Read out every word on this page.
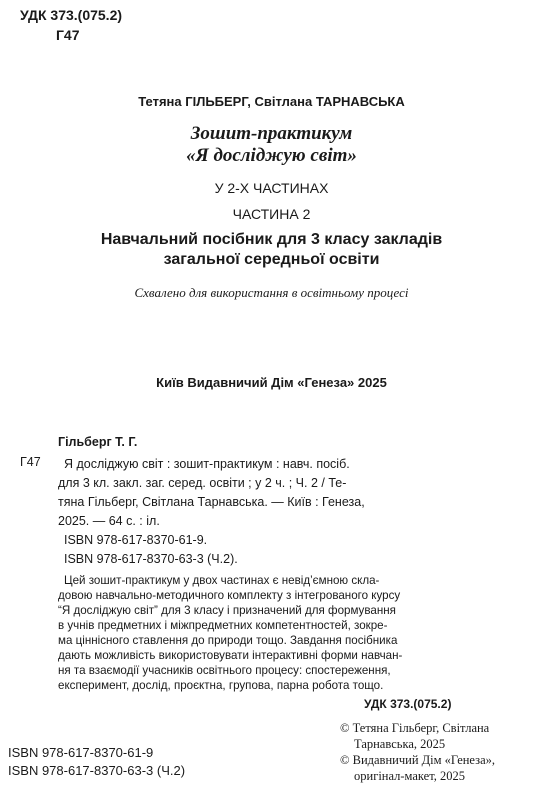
УДК 373.(075.2)
Г47
Тетяна ГІЛЬБЕРГ, Світлана ТАРНАВСЬКА
Зошит-практикум
«Я досліджую світ»
У 2-Х ЧАСТИНАХ
ЧАСТИНА 2
Навчальний посібник для 3 класу закладів
загальної середньої освіти
Схвалено для використання в освітньому процесі
Київ Видавничий Дім «Генеза» 2025
Гільберг Т. Г.
Г47 Я досліджую світ : зошит-практикум : навч. посіб.
для 3 кл. закл. заг. серед. освіти ; у 2 ч. ; Ч. 2 / Те-
тяна Гільберг, Світлана Тарнавська. — Київ : Генеза,
2025. — 64 с. : іл.
ISBN 978-617-8370-61-9.
ISBN 978-617-8370-63-3 (Ч.2).
Цей зошит-практикум у двох частинах є невід’ємною скла-
довою навчально-методичного комплекту з інтегрованого курсу
“Я досліджую світ” для 3 класу і призначений для формування
в учнів предметних і міжпредметних компетентностей, зокре-
ма ціннісного ставлення до природи тощо. Завдання посібника
дають можливість використовувати інтерактивні форми навчан-
ня та взаємодії учасників освітнього процесу: спостереження,
експеримент, дослід, проєктна, групова, парна робота тощо.
УДК 373.(075.2)
ISBN 978-617-8370-61-9
ISBN 978-617-8370-63-3 (Ч.2)
© Тетяна Гільберг, Світлана
Тарнавська, 2025
© Видавничий Дім «Генеза»,
оригінал-макет, 2025
